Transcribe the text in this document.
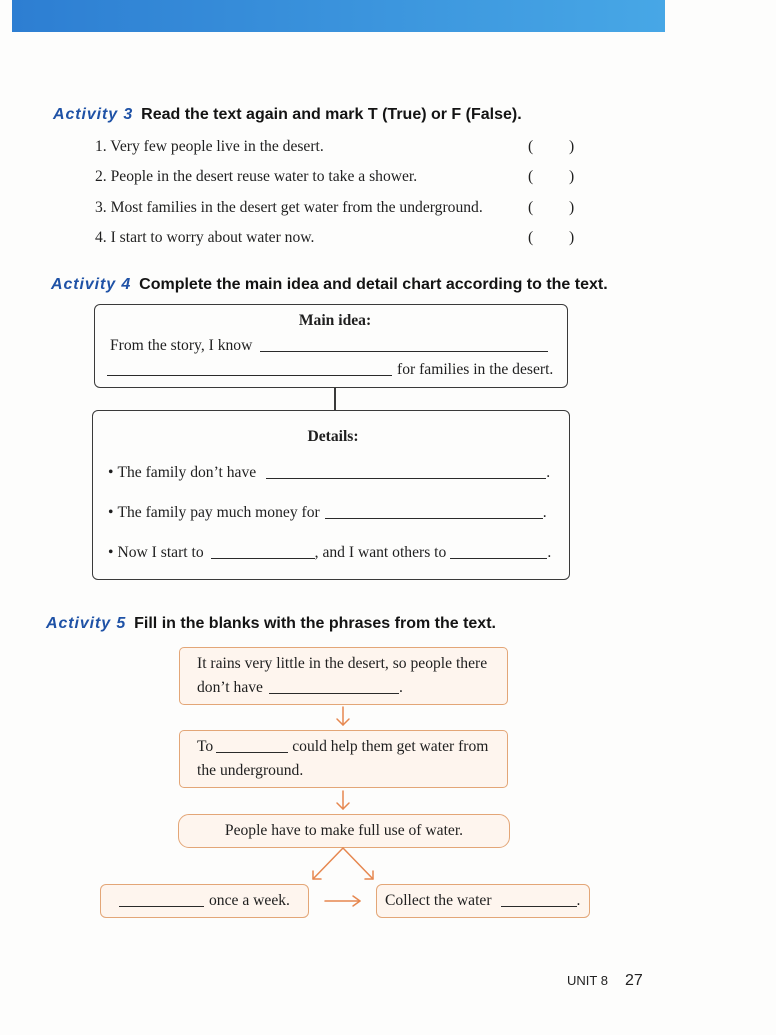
Activity 3 Read the text again and mark T (True) or F (False).
1. Very few people live in the desert.	( )
2. People in the desert reuse water to take a shower.	( )
3. Most families in the desert get water from the underground.	( )
4. I start to worry about water now.	( )
Activity 4 Complete the main idea and detail chart according to the text.
Main idea:
From the story, I know
for families in the desert.
Details:
• The family don’t have	.
• The family pay much money for	.
• Now I start to	, and I want others to	.
Activity 5 Fill in the blanks with the phrases from the text.
It rains very little in the desert, so people there
don’t have	.
To	could help them get water from
the underground.
People have to make full use of water.
once a week.	Collect the water	.
UNIT 8 27
